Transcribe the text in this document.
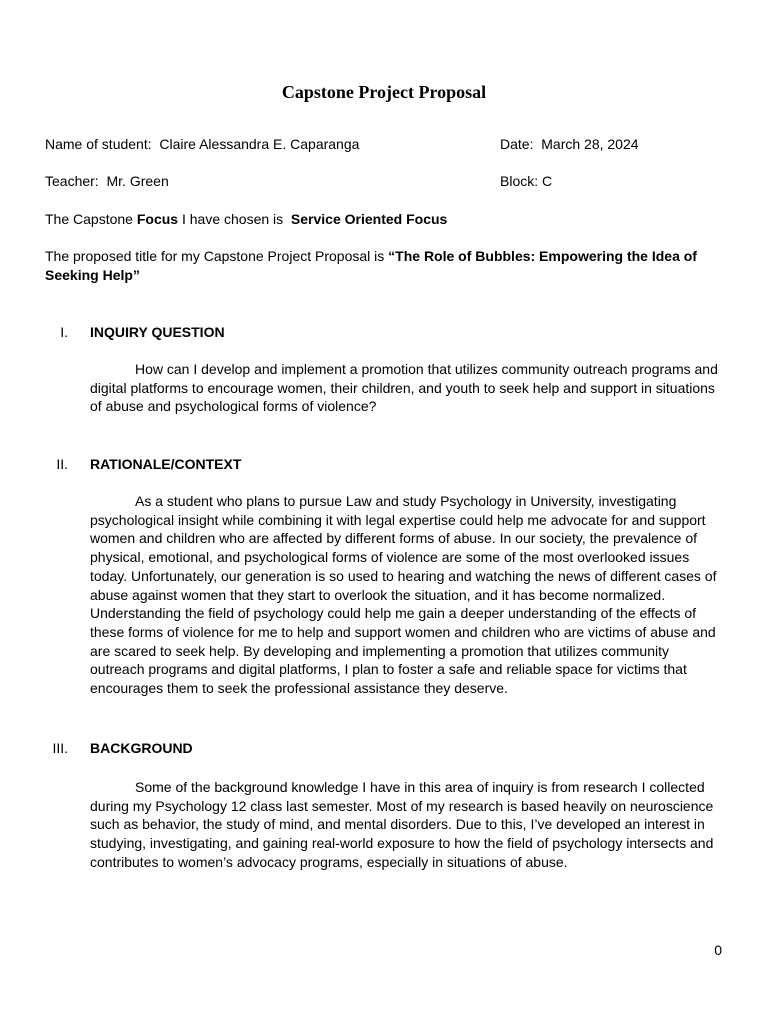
Capstone Project Proposal
Name of student: Claire Alessandra E. Caparanga	Date: March 28, 2024
Teacher: Mr. Green	Block: C
The Capstone Focus I have chosen is Service Oriented Focus
The proposed title for my Capstone Project Proposal is “The Role of Bubbles: Empowering the Idea of
Seeking Help”
I. INQUIRY QUESTION
How can I develop and implement a promotion that utilizes community outreach programs and digital platforms to encourage women, their children, and youth to seek help and support in situations of abuse and psychological forms of violence?
II. RATIONALE/CONTEXT
As a student who plans to pursue Law and study Psychology in University, investigating psychological insight while combining it with legal expertise could help me advocate for and support women and children who are affected by different forms of abuse. In our society, the prevalence of physical, emotional, and psychological forms of violence are some of the most overlooked issues today. Unfortunately, our generation is so used to hearing and watching the news of different cases of abuse against women that they start to overlook the situation, and it has become normalized. Understanding the field of psychology could help me gain a deeper understanding of the effects of these forms of violence for me to help and support women and children who are victims of abuse and are scared to seek help. By developing and implementing a promotion that utilizes community outreach programs and digital platforms, I plan to foster a safe and reliable space for victims that encourages them to seek the professional assistance they deserve.
III. BACKGROUND
Some of the background knowledge I have in this area of inquiry is from research I collected during my Psychology 12 class last semester. Most of my research is based heavily on neuroscience such as behavior, the study of mind, and mental disorders. Due to this, I’ve developed an interest in studying, investigating, and gaining real-world exposure to how the field of psychology intersects and contributes to women’s advocacy programs, especially in situations of abuse.
0
